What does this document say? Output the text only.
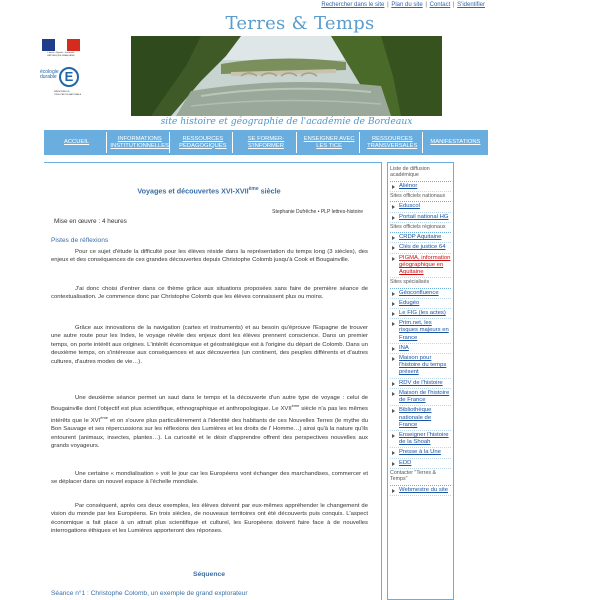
Rechercher dans le site | Plan du site | Contact | S'identifier
Terres & Temps
Liberté • Égalité • Fraternité RÉPUBLIQUE FRANÇAISE
écologie durable E
MINISTÈRE DE L'ÉDUCATION NATIONALE
site histoire et géographie de l'académie de Bordeaux
ACCUEIL
INFORMATIONS INSTITUTIONNELLES
RESSOURCES PEDAGOGIQUES
SE FORMER-S'INFORMER
ENSEIGNER AVEC LES TICE
RESSOURCES TRANSVERSALES
MANIFESTATIONS
Voyages et découvertes XVI-XVIIème siècle
Stephanie Dufrêche • PLP lettres-histoire
Mise en œuvre : 4 heures
Pistes de réflexions
Pour ce sujet d'étude la difficulté pour les élèves réside dans la représentation du temps long (3 siècles), des enjeux et des conséquences de ces grandes découvertes depuis Christophe Colomb jusqu'à Cook et Bougainville.
J'ai donc choisi d'entrer dans ce thème grâce aux situations proposées sans faire de première séance de contextualisation. Je commence donc par Christophe Colomb que les élèves connaissent plus ou moins.
Grâce aux innovations de la navigation (cartes et instruments) et au besoin qu'éprouve l'Espagne de trouver une autre route pour les Indes, le voyage révèle des enjeux dont les élèves prennent conscience. Dans un premier temps, on porte intérêt aux origines. L'intérêt économique et géostratégique est à l'origine du départ de Colomb. Dans un deuxième temps, on s'intéresse aux conséquences et aux découvertes (un continent, des peuples différents et d'autres cultures, d'autres modes de vie…).
Une deuxième séance permet un saut dans le temps et la découverte d'un autre type de voyage : celui de Bougainville dont l'objectif est plus scientifique, ethnographique et anthropologique. Le XVIIème siècle n'a pas les mêmes intérêts que le XVIème et on s'ouvre plus particulièrement à l'identité des habitants de ces Nouvelles Terres (le mythe du Bon Sauvage et ses répercussions sur les réflexions des Lumières et les droits de l' Homme…) ainsi qu'à la nature qu'ils entourent (animaux, insectes, plantes…). La curiosité et le désir d'apprendre offrent des perspectives nouvelles aux grands voyageurs.
Une certaine « mondialisation » voit le jour car les Européens vont échanger des marchandises, commercer et se déplacer dans un nouvel espace à l'échelle mondiale.
Par conséquent, après ces deux exemples, les élèves doivent par eux-mêmes appréhender le changement de vision du monde par les Européens. En trois siècles, de nouveaux territoires ont été découverts puis conquis. L'aspect économique a fait place à un attrait plus scientifique et culturel, les Européens doivent faire face à de nouvelles interrogations éthiques et les Lumières apporteront des réponses.
Séquence
Séance n°1 : Christophe Colomb, un exemple de grand explorateur
Liste de diffusion académique
Aliénor
Sites officiels nationaux
Eduscol
Portail national HG
Sites officiels régionaux
CRDP Aquitaine
Clés de justice 64
PIGMA, information géographique en Aquitaine
Sites spécialisés
Géoconfluence
Edugéo
Le FIG (les actes)
Prim.net, les risques majeurs en France
INA
Maison pour l'histoire du temps présent
RDV de l'histoire
Maison de l'histoire de France
Bibliothèque nationale de France
Enseigner l'histoire de la Shoah
Presse à la Une
EDD
Contacter "Terres & Temps"
Webmestre du site
